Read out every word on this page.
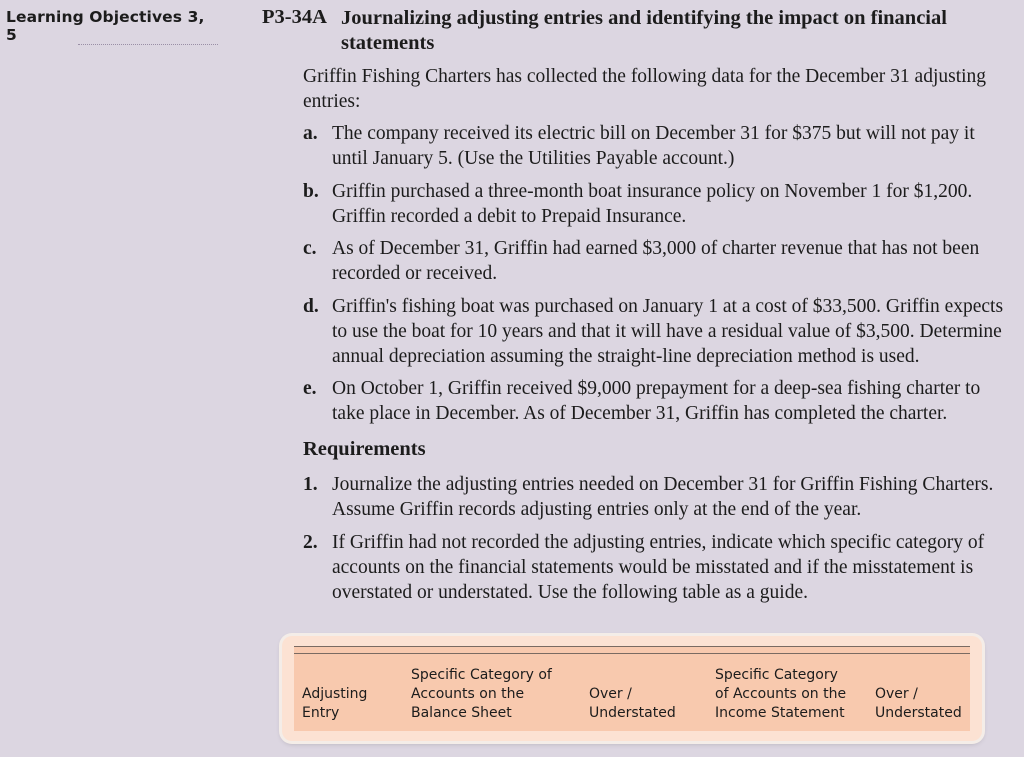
Learning Objectives 3, 5
P3-34A Journalizing adjusting entries and identifying the impact on financial statements
Griffin Fishing Charters has collected the following data for the December 31 adjusting entries:
a. The company received its electric bill on December 31 for $375 but will not pay it until January 5. (Use the Utilities Payable account.)
b. Griffin purchased a three-month boat insurance policy on November 1 for $1,200. Griffin recorded a debit to Prepaid Insurance.
c. As of December 31, Griffin had earned $3,000 of charter revenue that has not been recorded or received.
d. Griffin's fishing boat was purchased on January 1 at a cost of $33,500. Griffin expects to use the boat for 10 years and that it will have a residual value of $3,500. Determine annual depreciation assuming the straight-line depreciation method is used.
e. On October 1, Griffin received $9,000 prepayment for a deep-sea fishing charter to take place in December. As of December 31, Griffin has completed the charter.
Requirements
1. Journalize the adjusting entries needed on December 31 for Griffin Fishing Charters. Assume Griffin records adjusting entries only at the end of the year.
2. If Griffin had not recorded the adjusting entries, indicate which specific category of accounts on the financial statements would be misstated and if the misstatement is overstated or understated. Use the following table as a guide.
Adjusting
Entry
Specific Category of
Accounts on the
Balance Sheet
Over /
Understated
Specific Category
of Accounts on the
Income Statement
Over /
Understated
